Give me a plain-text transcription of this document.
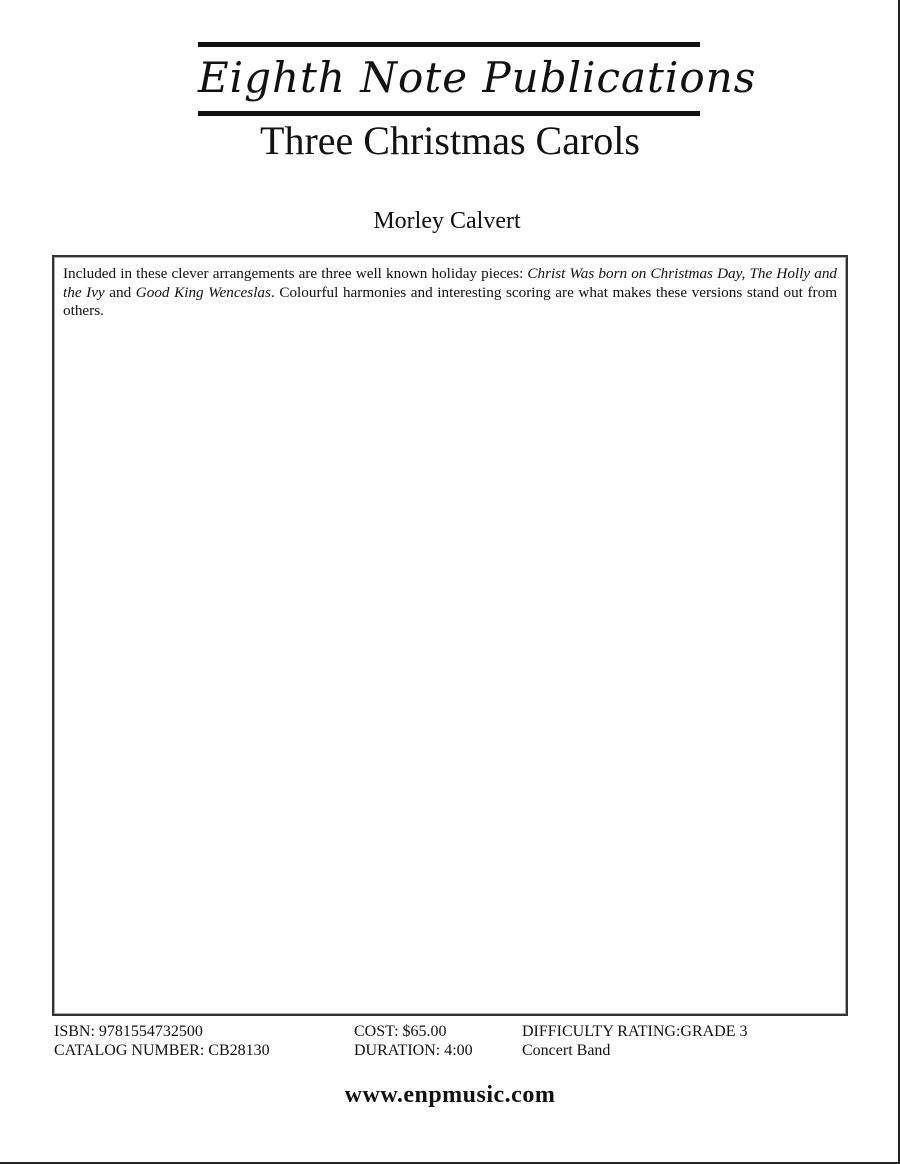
Eighth Note Publications
Three Christmas Carols
Morley Calvert
Included in these clever arrangements are three well known holiday pieces: Christ Was born on Christmas Day, The Holly and the Ivy and Good King Wenceslas. Colourful harmonies and interesting scoring are what makes these versions stand out from others.
ISBN: 9781554732500
CATALOG NUMBER: CB28130
COST: $65.00
DURATION: 4:00
DIFFICULTY RATING:GRADE 3
Concert Band
www.enpmusic.com
